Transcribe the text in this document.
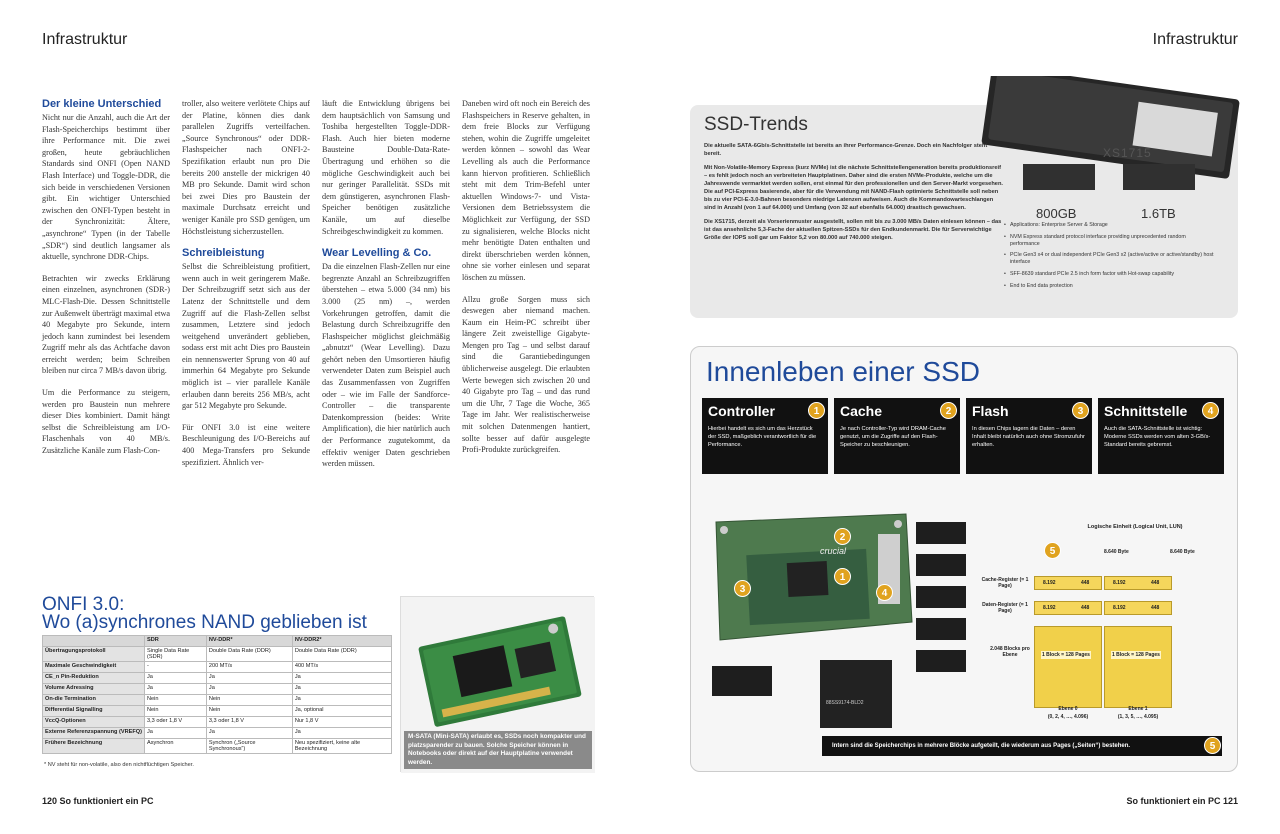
Infrastruktur	Infrastruktur
Der kleine Unterschied

Nicht nur die Anzahl, auch die Art der Flash-Speicherchips bestimmt über ihre Performance mit. Die zwei großen, heute gebräuchlichen Standards sind ONFI (Open NAND Flash Interface) und Toggle-DDR, die sich beide in verschiedenen Versionen gibt. Ein wichtiger Unterschied zwischen den ONFI-Typen besteht in der Synchronizität: Ältere, „asynchrone“ Typen (in der Tabelle „SDR“) sind deutlich langsamer als aktuelle, synchrone DDR-Chips.

Betrachten wir zwecks Erklärung einen einzelnen, asynchronen (SDR-) MLC-Flash-Die. Dessen Schnittstelle zur Außenwelt überträgt maximal etwa 40 Megabyte pro Sekunde, intern jedoch kann zumindest bei lesendem Zugriff mehr als das Achtfache davon erreicht werden; beim Schreiben bleiben nur circa 7 MB/s davon übrig.

Um die Performance zu steigern, werden pro Baustein nun mehrere dieser Dies kombiniert. Damit hängt selbst die Schreibleistung am I/O-Flaschenhals von 40 MB/s. Zusätzliche Kanäle zum Flash-Con-

troller, also weitere verlötete Chips auf der Platine, können dies dank parallelen Zugriffs verteilfachen. „Source Synchronous“ oder DDR-Flashspeicher nach ONFI-2-Spezifikation erlaubt nun pro Die bereits 200 anstelle der mickrigen 40 MB pro Sekunde. Damit wird schon bei zwei Dies pro Baustein der maximale Durchsatz erreicht und weniger Kanäle pro SSD genügen, um Höchstleistung sicherzustellen.

Schreibleistung

Selbst die Schreibleistung profitiert, wenn auch in weit geringerem Maße. Der Schreibzugriff setzt sich aus der Latenz der Schnittstelle und dem Zugriff auf die Flash-Zellen selbst zusammen, Letztere sind jedoch weitgehend unverändert geblieben, sodass erst mit acht Dies pro Baustein ein nennenswerter Sprung von 40 auf immerhin 64 Megabyte pro Sekunde möglich ist – vier parallele Kanäle erlauben dann bereits 256 MB/s, acht gar 512 Megabyte pro Sekunde.

Für ONFI 3.0 ist eine weitere Beschleunigung des I/O-Bereichs auf 400 Mega-Transfers pro Sekunde spezifiziert. Ähnlich ver-

läuft die Entwicklung übrigens bei dem hauptsächlich von Samsung und Toshiba hergestellten Toggle-DDR-Flash. Auch hier bieten moderne Bausteine Double-Data-Rate-Übertragung und erhöhen so die mögliche Geschwindigkeit auch bei nur geringer Parallelität. SSDs mit dem günstigeren, asynchronen Flash-Speicher benötigen zusätzliche Kanäle, um auf dieselbe Schreibgeschwindigkeit zu kommen.

Wear Levelling & Co.

Da die einzelnen Flash-Zellen nur eine begrenzte Anzahl an Schreibzugriffen überstehen – etwa 5.000 (34 nm) bis 3.000 (25 nm) –, werden Vorkehrungen getroffen, damit die Belastung durch Schreibzugriffe den Flashspeicher möglichst gleichmäßig „abnutzt“ (Wear Levelling). Dazu gehört neben den Umsortieren häufig verwendeter Daten zum Beispiel auch das Zusammenfassen von Zugriffen oder – wie im Falle der Sandforce-Controller – die transparente Datenkompression (beides: Write Amplification), die hier natürlich auch der Performance zugutekommt, da effektiv weniger Daten geschrieben werden müssen.

Daneben wird oft noch ein Bereich des Flashspeichers in Reserve gehalten, in dem freie Blocks zur Verfügung stehen, wohin die Zugriffe umgeleitet werden können – sowohl das Wear Levelling als auch die Performance kann hiervon profitieren. Schließlich steht mit dem Trim-Befehl unter aktuellen Windows-7- und Vista-Versionen dem Betriebssystem die Möglichkeit zur Verfügung, der SSD zu signalisieren, welche Blocks nicht mehr benötigte Daten enthalten und direkt überschrieben werden können, ohne sie vorher einlesen und separat löschen zu müssen.

Allzu große Sorgen muss sich deswegen aber niemand machen. Kaum ein Heim-PC schreibt über längere Zeit zweistellige Gigabyte-Mengen pro Tag – und selbst darauf sind die Garantiebedingungen üblicherweise ausgelegt. Die erlaubten Werte bewegen sich zwischen 20 und 40 Gigabyte pro Tag – und das rund um die Uhr, 7 Tage die Woche, 365 Tage im Jahr. Wer realistischerweise mit solchen Datenmengen hantiert, sollte besser auf dafür ausgelegte Profi-Produkte zurückgreifen.

ONFI 3.0:
Wo (a)synchrones NAND geblieben ist
	SDR	NV-DDR*	NV-DDR2*
Übertragungsprotokoll	Single Data Rate (SDR)	Double Data Rate (DDR)	Double Data Rate (DDR)
Maximale Geschwindigkeit	-	200 MT/s	400 MT/s
CE_n Pin-Reduktion	Ja	Ja	Ja
Volume Adressing	Ja	Ja	Ja
On-die Termination	Nein	Nein	Ja
Differential Signalling	Nein	Nein	Ja, optional
VccQ-Optionen	3,3 oder 1,8 V	3,3 oder 1,8 V	Nur 1,8 V
Externe Referenzspannung (VREFQ)	Ja	Ja	Ja
Frühere Bezeichnung	Asynchron	Synchron („Source Synchronous“)	Neu spezifiziert, keine alte Bezeichnung
* NV steht für non-volatile, also den nichtflüchtigen Speicher.
M-SATA (Mini-SATA) erlaubt es, SSDs noch kompakter und platzsparender zu bauen. Solche Speicher können in Notebooks oder direkt auf der Hauptplatine verwendet werden.
XS1715
800GB	1.6TB
SSD-Trends

Die aktuelle SATA-6Gb/s-Schnittstelle ist bereits an ihrer Performance-Grenze. Doch ein Nachfolger steht bereit.

Mit Non-Volatile-Memory Express (kurz NVMe) ist die nächste Schnittstellengeneration bereits produktionsreif – es fehlt jedoch noch an verbreiteten Hauptplatinen. Daher sind die ersten NVMe-Produkte, welche um die Jahreswende vermarktet werden sollen, erst einmal für den professionellen und den Server-Markt vorgesehen. Die auf PCI-Express basierende, aber für die Verwendung mit NAND-Flash optimierte Schnittstelle soll neben bis zu vier PCI-E-3.0-Bahnen besonders niedrige Latenzen aufweisen. Auch die Kommandowarteschlangen sind in Anzahl (von 1 auf 64.000) und Umfang (von 32 auf ebenfalls 64.000) drastisch gewachsen.

Die XS1715, derzeit als Vorserienmuster ausgestellt, sollen mit bis zu 3.000 MB/s Daten einlesen können – das ist das ansehnliche 5,3-Fache der aktuellen Spitzen-SSDs für den Endkundenmarkt. Die für Serverwichtige Größe der IOPS soll gar um Faktor 5,2 von 80.000 auf 740.000 steigen.

• Applications: Enterprise Server & Storage
• NVM Express standard protocol interface providing unprecedented random performance
• PCIe Gen3 x4 or dual independent PCIe Gen3 x2 (active/active or active/standby) host interface
• SFF-8639 standard PCIe 2.5 inch form factor with Hot-swap capability
• End to End data protection
Innenleben einer SSD
Controller

Hierbei handelt es sich um das Herzstück der SSD, maßgeblich verantwortlich für die Performance.

1	Cache

Je nach Controller-Typ wird DRAM-Cache genutzt, um die Zugriffe auf den Flash-Speicher zu beschleunigen.

2	Flash

In diesen Chips lagern die Daten – deren Inhalt bleibt natürlich auch ohne Stromzufuhr erhalten.

3	Schnittstelle

Auch die SATA-Schnittstelle ist wichtig: Moderne SSDs werden vom alten 3-GB/s-Standard bereits gebremst.

4
crucial
2
3
1
4
88SS9174-BLD2
Logische Einheit (Logical Unit, LUN)
5	8.640 Byte	8.640 Byte
Cache-Register (= 1 Page)
Daten-Register (= 1 Page)
2.048 Blocks pro Ebene
8.192	448
8.192	448
1 Block = 128 Pages
8.192	448
8.192	448
1 Block = 128 Pages
Ebene 0
(0, 2, 4, …, 4.096)
Ebene 1
(1, 3, 5, …, 4.095)
Intern sind die Speicherchips in mehrere Blöcke aufgeteilt, die wiederum aus Pages („Seiten“) bestehen.	5
120 So funktioniert ein PC	So funktioniert ein PC 121
